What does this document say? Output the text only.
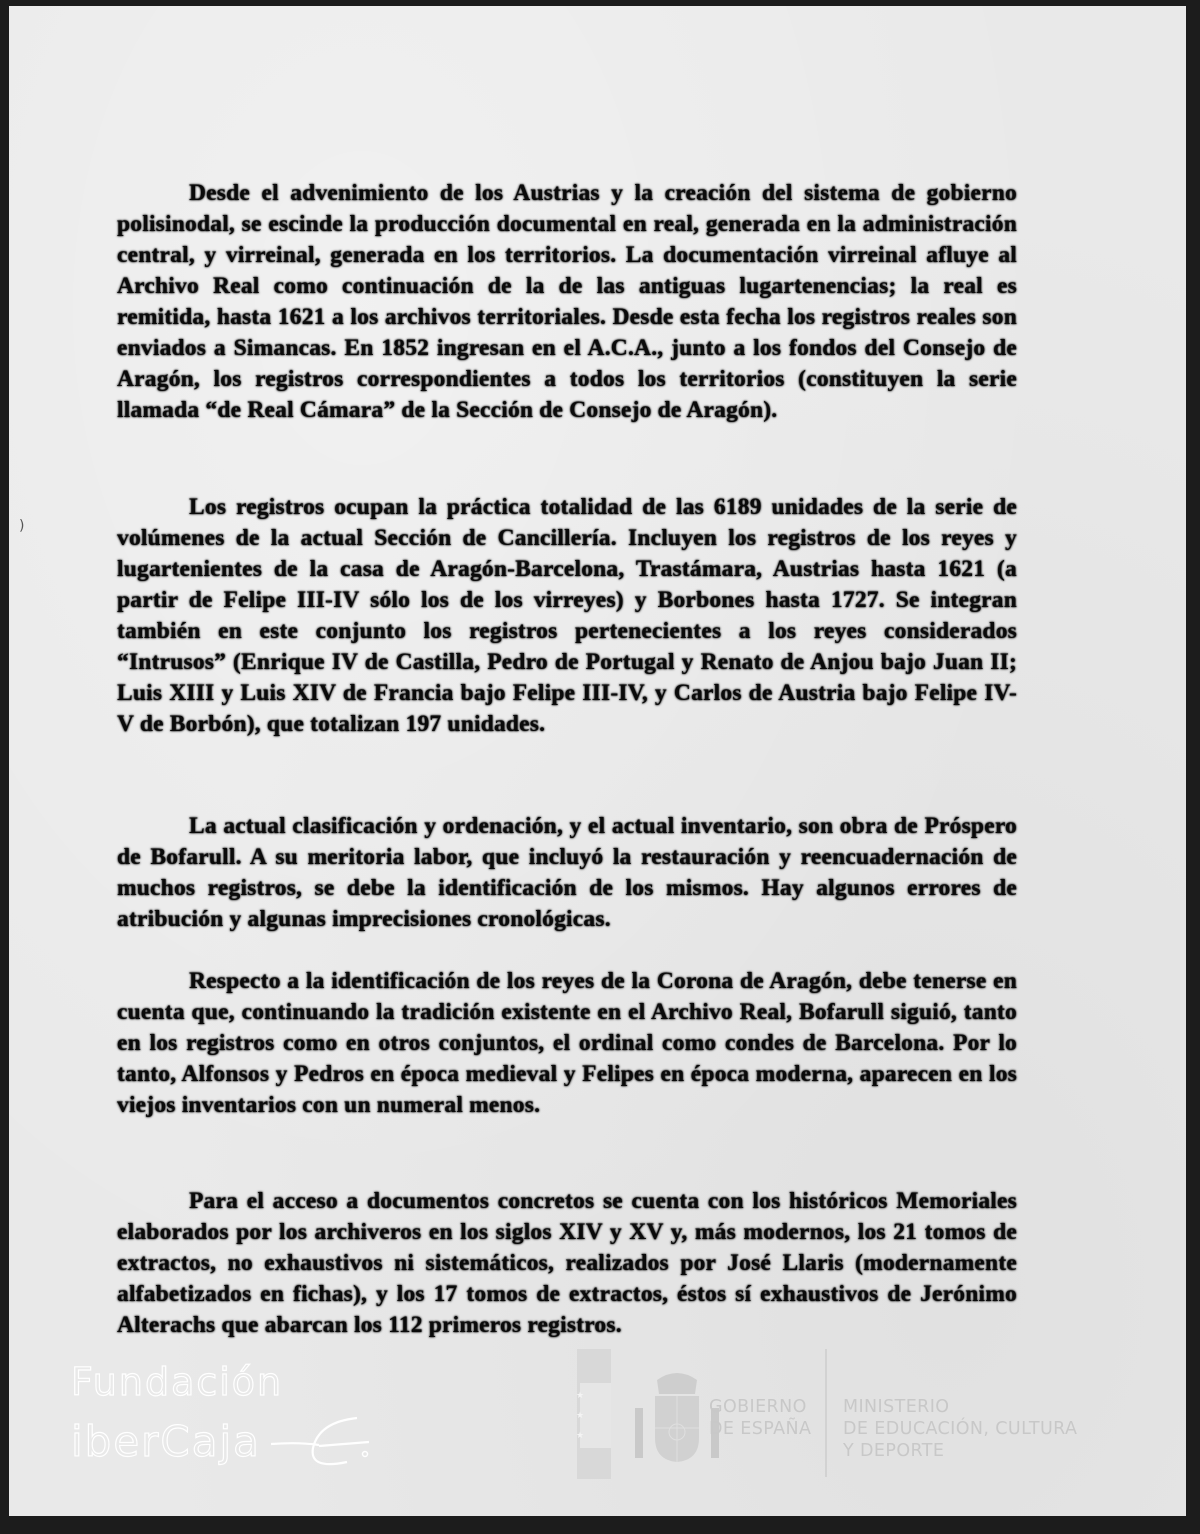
Desde el advenimiento de los Austrias y la creación del sistema de gobierno polisinodal, se escinde la producción documental en real, generada en la administración central, y virreinal, generada en los territorios. La documentación virreinal afluye al Archivo Real como continuación de la de las antiguas lugartenencias; la real es remitida, hasta 1621 a los archivos territoriales. Desde esta fecha los registros reales son enviados a Simancas. En 1852 ingresan en el A.C.A., junto a los fondos del Consejo de Aragón, los registros correspondientes a todos los territorios (constituyen la serie llamada “de Real Cámara” de la Sección de Consejo de Aragón).

Los registros ocupan la práctica totalidad de las 6189 unidades de la serie de volúmenes de la actual Sección de Cancillería. Incluyen los registros de los reyes y lugartenientes de la casa de Aragón-Barcelona, Trastámara, Austrias hasta 1621 (a partir de Felipe III-IV sólo los de los virreyes) y Borbones hasta 1727. Se integran también en este conjunto los registros pertenecientes a los reyes considerados “Intrusos” (Enrique IV de Castilla, Pedro de Portugal y Renato de Anjou bajo Juan II; Luis XIII y Luis XIV de Francia bajo Felipe III-IV, y Carlos de Austria bajo Felipe IV-V de Borbón), que totalizan 197 unidades.

La actual clasificación y ordenación, y el actual inventario, son obra de Próspero de Bofarull. A su meritoria labor, que incluyó la restauración y reencuadernación de muchos registros, se debe la identificación de los mismos. Hay algunos errores de atribución y algunas imprecisiones cronológicas.

Respecto a la identificación de los reyes de la Corona de Aragón, debe tenerse en cuenta que, continuando la tradición existente en el Archivo Real, Bofarull siguió, tanto en los registros como en otros conjuntos, el ordinal como condes de Barcelona. Por lo tanto, Alfonsos y Pedros en época medieval y Felipes en época moderna, aparecen en los viejos inventarios con un numeral menos.

Para el acceso a documentos concretos se cuenta con los históricos Memoriales elaborados por los archiveros en los siglos XIV y XV y, más modernos, los 21 tomos de extractos, no exhaustivos ni sistemáticos, realizados por José Llaris (modernamente alfabetizados en fichas), y los 17 tomos de extractos, éstos sí exhaustivos de Jerónimo Alterachs que abarcan los 112 primeros registros.

)
Fundación
iberCaja
★
★
★
GOBIERNO
DE ESPAÑA
MINISTERIO
DE EDUCACIÓN, CULTURA
Y DEPORTE
